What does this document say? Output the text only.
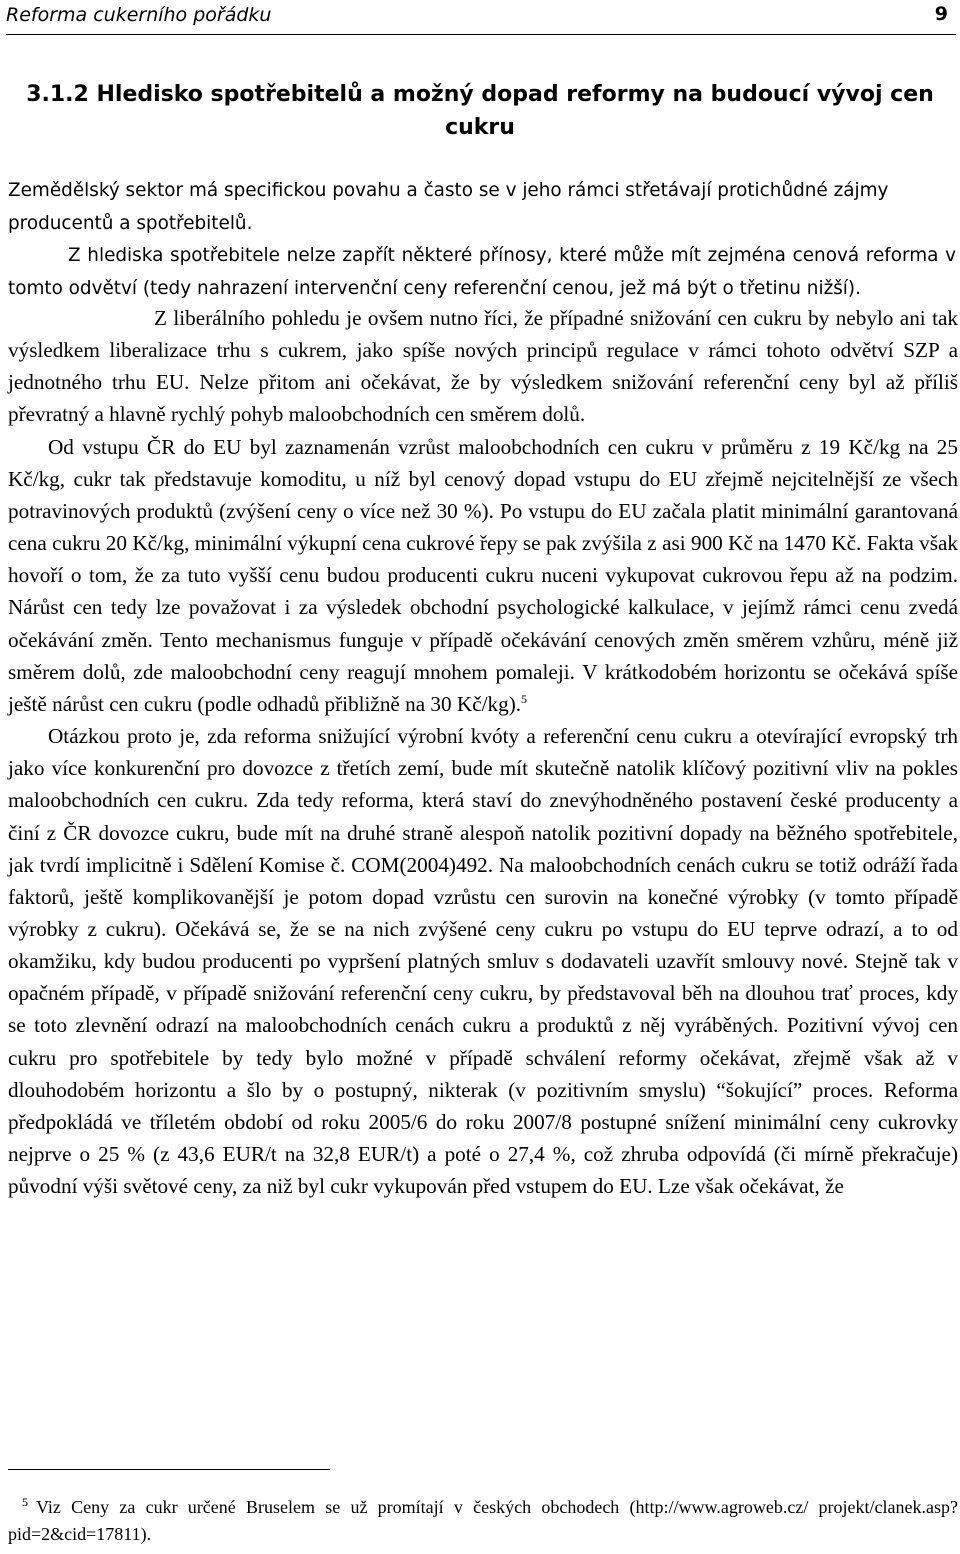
Reforma cukerního pořádku	9
3.1.2 Hledisko spotřebitelů a možný dopad reformy na budoucí vývoj cen cukru

Zemědělský sektor má specifickou povahu a často se v jeho rámci střetávají protichůdné zájmy producentů a spotřebitelů.

Z hlediska spotřebitele nelze zapřít některé přínosy, které může mít zejména cenová reforma v tomto odvětví (tedy nahrazení intervenční ceny referenční cenou, jež má být o třetinu nižší).

Z liberálního pohledu je ovšem nutno říci, že případné snižování cen cukru by nebylo ani tak výsledkem liberalizace trhu s cukrem, jako spíše nových principů regulace v rámci tohoto odvětví SZP a jednotného trhu EU. Nelze přitom ani očekávat, že by výsledkem snižování referenční ceny byl až příliš převratný a hlavně rychlý pohyb maloobchodních cen směrem dolů.

Od vstupu ČR do EU byl zaznamenán vzrůst maloobchodních cen cukru v průměru z 19 Kč/kg na 25 Kč/kg, cukr tak představuje komoditu, u níž byl cenový dopad vstupu do EU zřejmě nejcitelnější ze všech potravinových produktů (zvýšení ceny o více než 30 %). Po vstupu do EU začala platit minimální garantovaná cena cukru 20 Kč/kg, minimální výkupní cena cukrové řepy se pak zvýšila z asi 900 Kč na 1470 Kč. Fakta však hovoří o tom, že za tuto vyšší cenu budou producenti cukru nuceni vykupovat cukrovou řepu až na podzim. Nárůst cen tedy lze považovat i za výsledek obchodní psychologické kalkulace, v jejímž rámci cenu zvedá očekávání změn. Tento mechanismus funguje v případě očekávání cenových změn směrem vzhůru, méně již směrem dolů, zde maloobchodní ceny reagují mnohem pomaleji. V krátkodobém horizontu se očekává spíše ještě nárůst cen cukru (podle odhadů přibližně na 30 Kč/kg).$^5$

Otázkou proto je, zda reforma snižující výrobní kvóty a referenční cenu cukru a otevírající evropský trh jako více konkurenční pro dovozce z třetích zemí, bude mít skutečně natolik klíčový pozitivní vliv na pokles maloobchodních cen cukru. Zda tedy reforma, která staví do znevýhodněného postavení české producenty a činí z ČR dovozce cukru, bude mít na druhé straně alespoň natolik pozitivní dopady na běžného spotřebitele, jak tvrdí implicitně i Sdělení Komise č. COM(2004)492. Na maloobchodních cenách cukru se totiž odráží řada faktorů, ještě komplikovanější je potom dopad vzrůstu cen surovin na konečné výrobky (v tomto případě výrobky z cukru). Očekává se, že se na nich zvýšené ceny cukru po vstupu do EU teprve odrazí, a to od okamžiku, kdy budou producenti po vypršení platných smluv s dodavateli uzavřít smlouvy nové. Stejně tak v opačném případě, v případě snižování referenční ceny cukru, by představoval běh na dlouhou trať proces, kdy se toto zlevnění odrazí na maloobchodních cenách cukru a produktů z něj vyráběných. Pozitivní vývoj cen cukru pro spotřebitele by tedy bylo možné v případě schválení reformy očekávat, zřejmě však až v dlouhodobém horizontu a šlo by o postupný, nikterak (v pozitivním smyslu) “šokující” proces. Reforma předpokládá ve tříletém období od roku 2005/6 do roku 2007/8 postupné snížení minimální ceny cukrovky nejprve o 25 % (z 43,6 EUR/t na 32,8 EUR/t) a poté o 27,4 %, což zhruba odpovídá (či mírně překračuje) původní výši světové ceny, za niž byl cukr vykupován před vstupem do EU. Lze však očekávat, že

$^5$ Viz Ceny za cukr určené Bruselem se už promítají v českých obchodech (http://www.agroweb.cz/ projekt/clanek.asp?pid=2&cid=17811).
